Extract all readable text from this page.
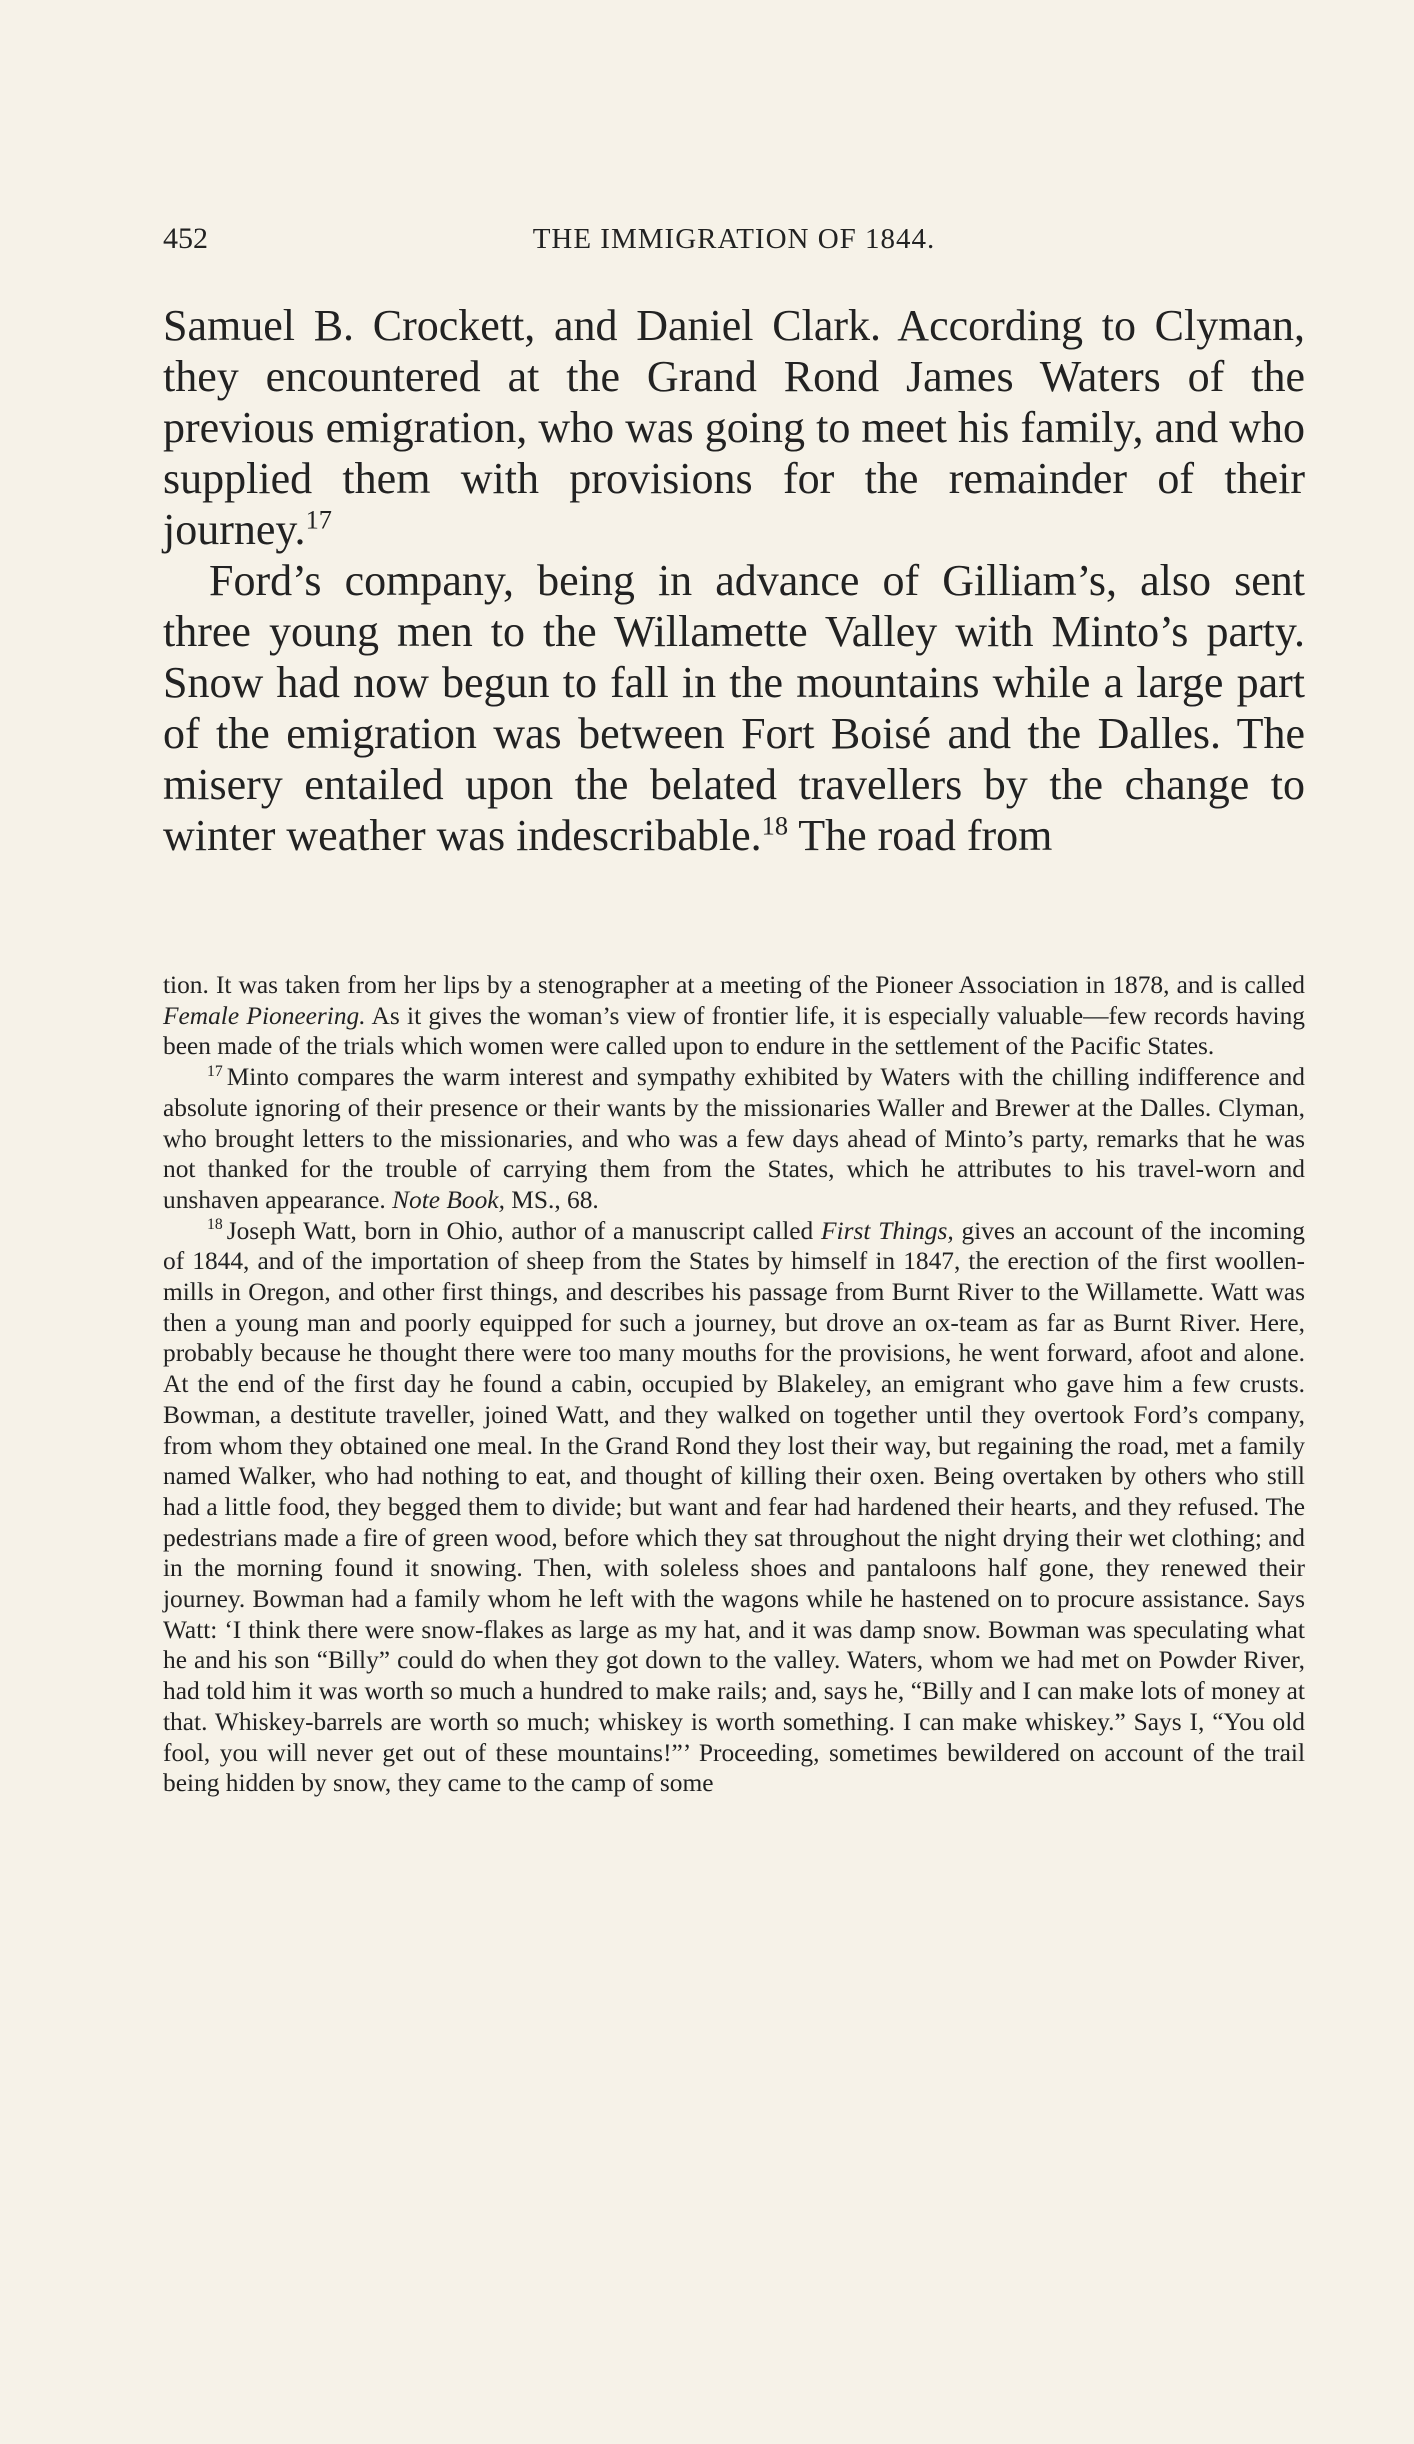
452	THE IMMIGRATION OF 1844.

Samuel B. Crockett, and Daniel Clark. According to Clyman, they encountered at the Grand Rond James Waters of the previous emigration, who was going to meet his family, and who supplied them with provisions for the remainder of their journey.$^{17}$

Ford’s company, being in advance of Gilliam’s, also sent three young men to the Willamette Valley with Minto’s party. Snow had now begun to fall in the mountains while a large part of the emigration was between Fort Boisé and the Dalles. The misery entailed upon the belated travellers by the change to winter weather was indescribable.$^{18}$ The road from

tion. It was taken from her lips by a stenographer at a meeting of the Pioneer Association in 1878, and is called Female Pioneering. As it gives the woman’s view of frontier life, it is especially valuable—few records having been made of the trials which women were called upon to endure in the settlement of the Pacific States.

$^{17}$ Minto compares the warm interest and sympathy exhibited by Waters with the chilling indifference and absolute ignoring of their presence or their wants by the missionaries Waller and Brewer at the Dalles. Clyman, who brought letters to the missionaries, and who was a few days ahead of Minto’s party, remarks that he was not thanked for the trouble of carrying them from the States, which he attributes to his travel-worn and unshaven appearance. Note Book, MS., 68.

$^{18}$ Joseph Watt, born in Ohio, author of a manuscript called First Things, gives an account of the incoming of 1844, and of the importation of sheep from the States by himself in 1847, the erection of the first woollen-mills in Oregon, and other first things, and describes his passage from Burnt River to the Willamette. Watt was then a young man and poorly equipped for such a journey, but drove an ox-team as far as Burnt River. Here, probably because he thought there were too many mouths for the provisions, he went forward, afoot and alone. At the end of the first day he found a cabin, occupied by Blakeley, an emigrant who gave him a few crusts. Bowman, a destitute traveller, joined Watt, and they walked on together until they overtook Ford’s company, from whom they obtained one meal. In the Grand Rond they lost their way, but regaining the road, met a family named Walker, who had nothing to eat, and thought of killing their oxen. Being overtaken by others who still had a little food, they begged them to divide; but want and fear had hardened their hearts, and they refused. The pedestrians made a fire of green wood, before which they sat throughout the night drying their wet clothing; and in the morning found it snowing. Then, with soleless shoes and pantaloons half gone, they renewed their journey. Bowman had a family whom he left with the wagons while he hastened on to procure assistance. Says Watt: ‘I think there were snow-flakes as large as my hat, and it was damp snow. Bowman was speculating what he and his son “Billy” could do when they got down to the valley. Waters, whom we had met on Powder River, had told him it was worth so much a hundred to make rails; and, says he, “Billy and I can make lots of money at that. Whiskey-barrels are worth so much; whiskey is worth something. I can make whiskey.” Says I, “You old fool, you will never get out of these mountains!”’ Proceeding, sometimes bewildered on account of the trail being hidden by snow, they came to the camp of some
